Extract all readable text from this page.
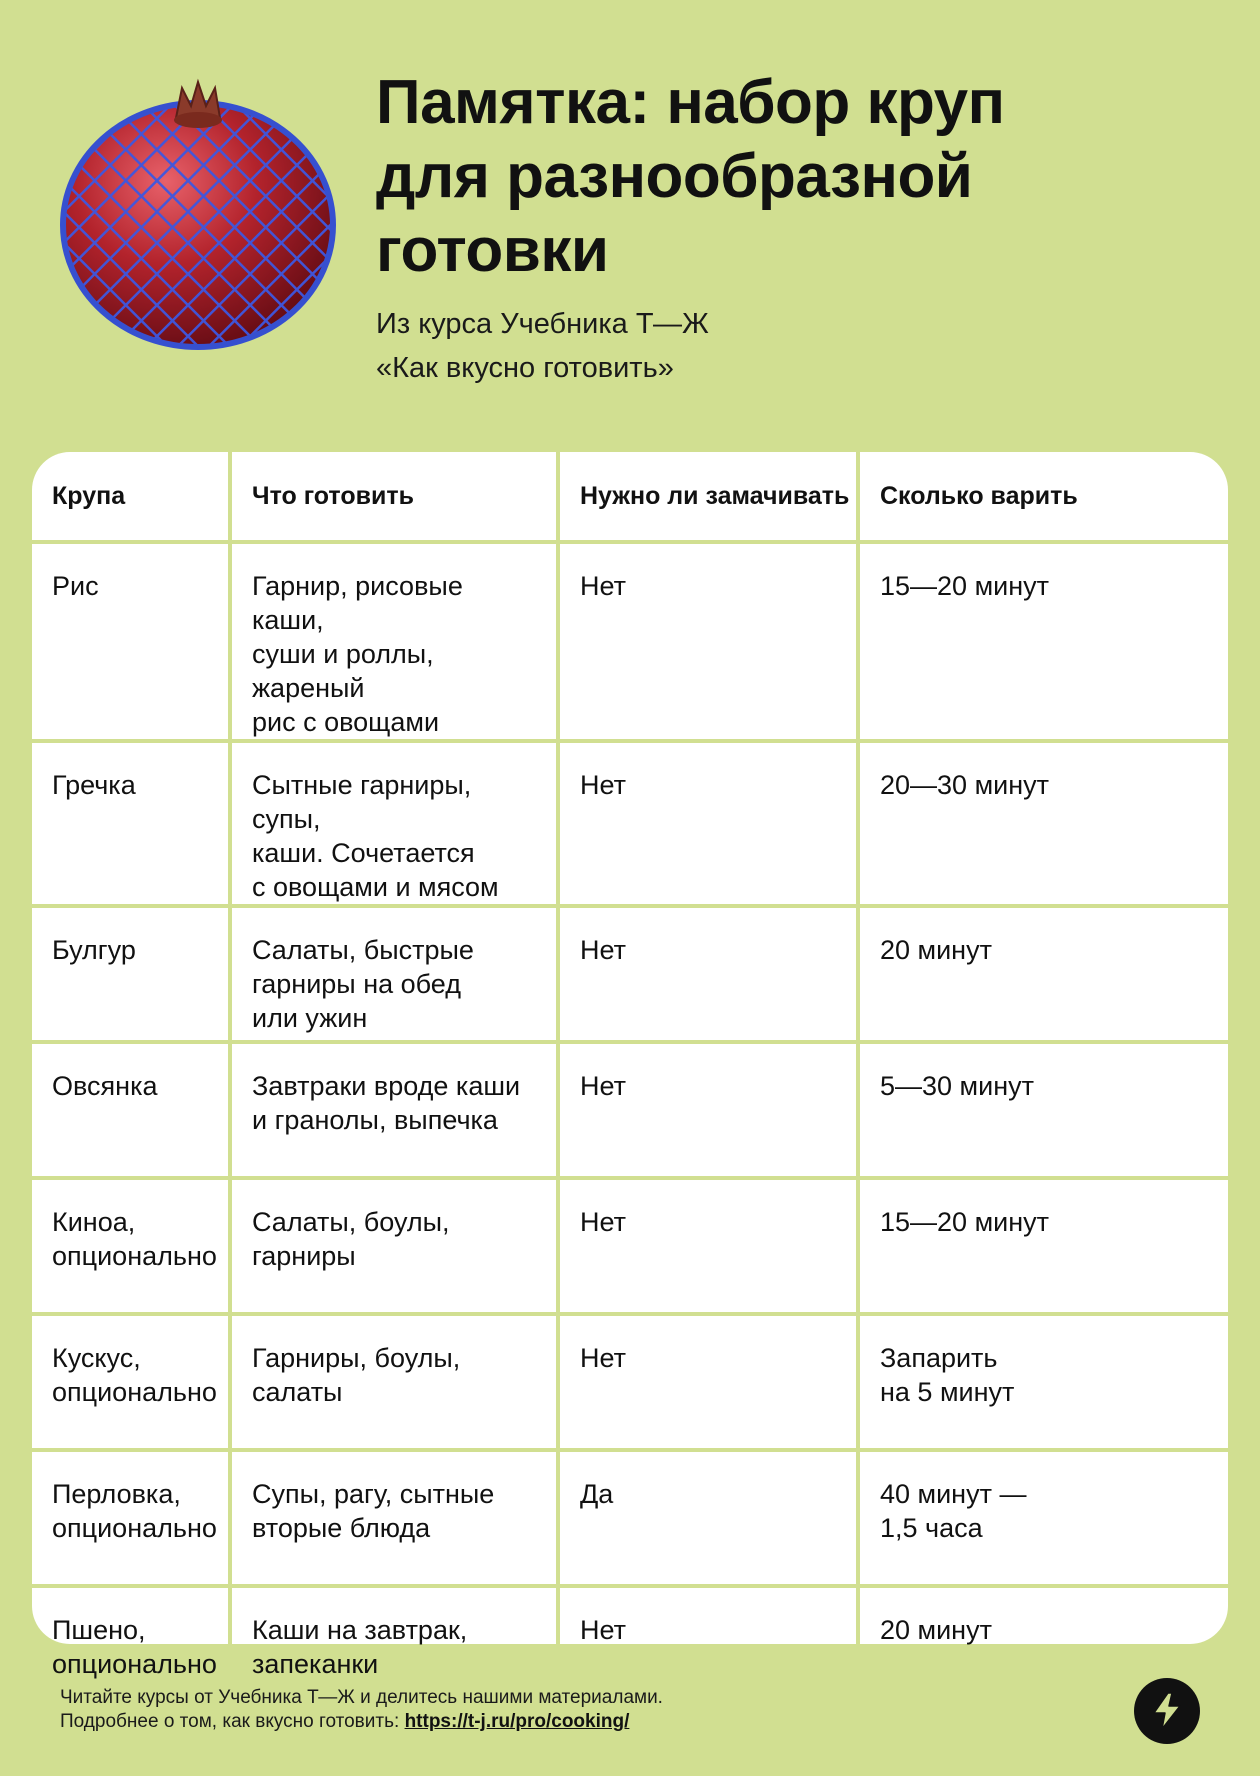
Памятка: набор круп
для разнообразной
готовки
Из курса Учебника Т—Ж
«Как вкусно готовить»
Крупа	Что готовить	Нужно ли замачивать	Сколько варить
Рис	Гарнир, рисовые каши,
суши и роллы, жареный
рис с овощами	Нет	15—20 минут
Гречка	Сытные гарниры, супы,
каши. Сочетается
с овощами и мясом	Нет	20—30 минут
Булгур	Салаты, быстрые
гарниры на обед
или ужин	Нет	20 минут
Овсянка	Завтраки вроде каши
и гранолы, выпечка	Нет	5—30 минут
Киноа,
опционально	Салаты, боулы, гарниры	Нет	15—20 минут
Кускус,
опционально	Гарниры, боулы, салаты	Нет	Запарить
на 5 минут
Перловка,
опционально	Супы, рагу, сытные
вторые блюда	Да	40 минут —
1,5 часа
Пшено,
опционально	Каши на завтрак,
запеканки	Нет	20 минут
Читайте курсы от Учебника Т—Ж и делитесь нашими материалами.
Подробнее о том, как вкусно готовить: https://t-j.ru/pro/cooking/
